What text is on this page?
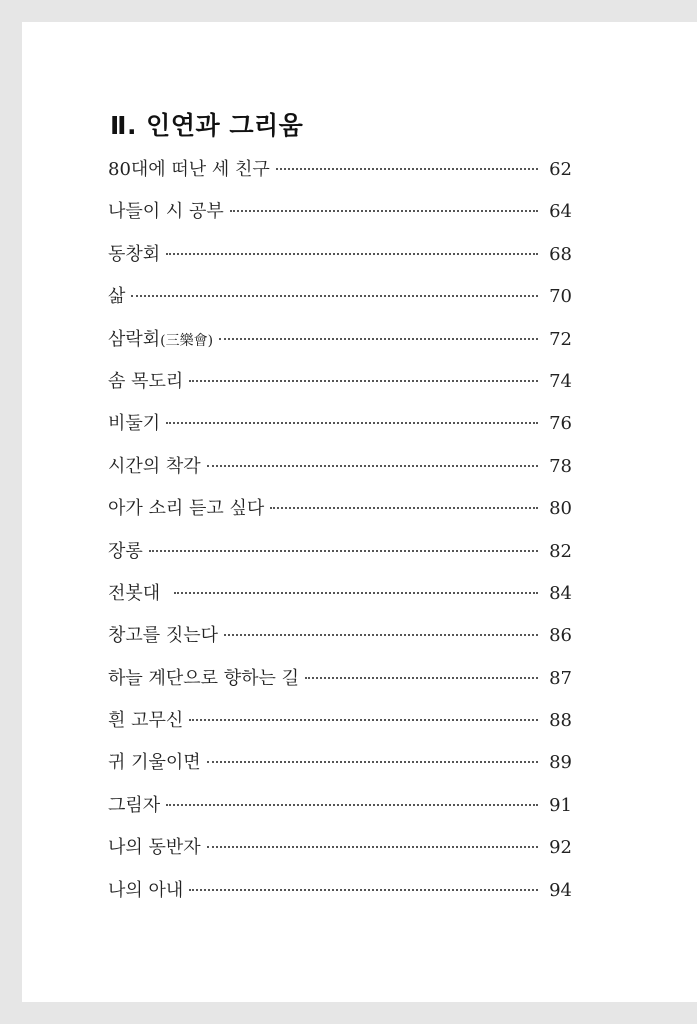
Ⅱ. 인연과 그리움
80대에 떠난 세 친구	62
나들이 시 공부	64
동창회	68
삶	70
삼락회(三樂會)	72
솜 목도리	74
비둘기	76
시간의 착각	78
아가 소리 듣고 싶다	80
장롱	82
전봇대	84
창고를 짓는다	86
하늘 계단으로 향하는 길	87
흰 고무신	88
귀 기울이면	89
그림자	91
나의 동반자	92
나의 아내	94
